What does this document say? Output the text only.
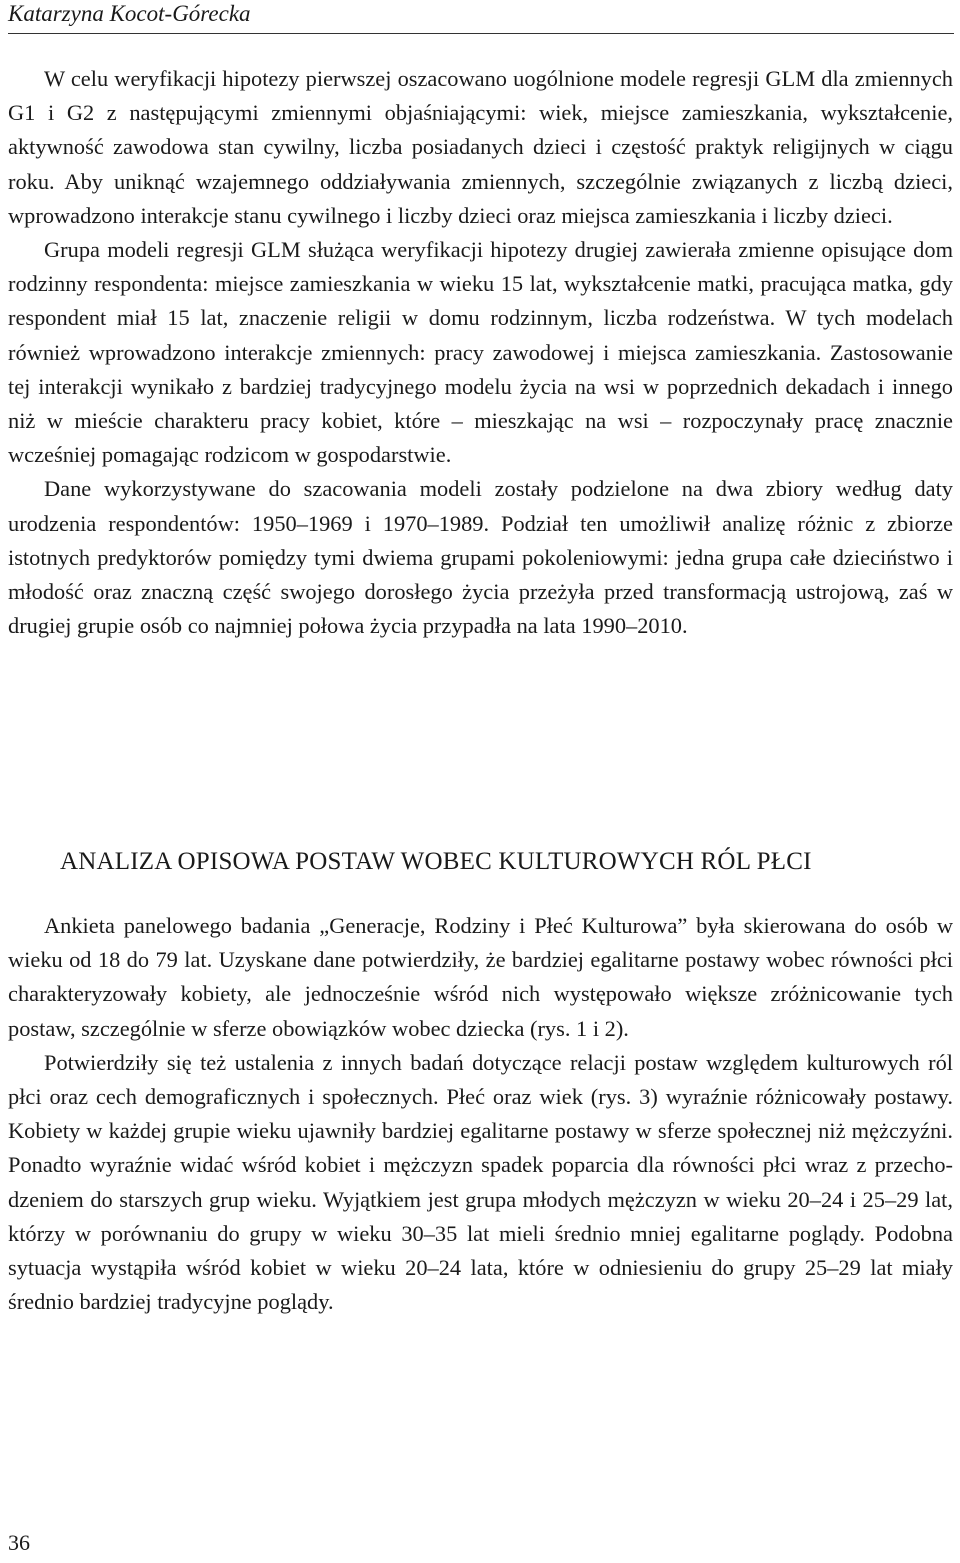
Katarzyna Kocot-Górecka

W celu weryfikacji hipotezy pierwszej oszacowano uogólnione modele regresji GLM dla zmiennych G1 i G2 z następującymi zmiennymi objaśniającymi: wiek, miejsce zamieszkania, wykształcenie, aktywność zawodowa stan cywilny, liczba posiadanych dzieci i częstość praktyk religijnych w ciągu roku. Aby uniknąć wzajemnego oddziaływania zmiennych, szczególnie związanych z liczbą dzieci, wprowadzono interakcje stanu cywilnego i liczby dzieci oraz miejsca zamieszkania i liczby dzieci.

Grupa modeli regresji GLM służąca weryfikacji hipotezy drugiej zawierała zmienne opisujące dom rodzinny respondenta: miejsce zamieszkania w wieku 15 lat, wykształcenie matki, pracująca matka, gdy respondent miał 15 lat, znaczenie religii w domu rodzinnym, liczba rodzeństwa. W tych modelach również wprowadzono interakcje zmiennych: pracy zawodowej i miejsca zamieszkania. Zastosowanie tej interakcji wynikało z bardziej tradycyjnego modelu życia na wsi w poprzednich dekadach i innego niż w mieście charakteru pracy kobiet, które – mieszkając na wsi – rozpoczynały pracę znacznie wcześniej pomagając rodzicom w gospodarstwie.

Dane wykorzystywane do szacowania modeli zostały podzielone na dwa zbiory według daty urodzenia respondentów: 1950–1969 i 1970–1989. Podział ten umożliwił analizę różnic z zbiorze istotnych predyktorów pomiędzy tymi dwiema grupami pokoleniowymi: jedna grupa całe dzieciństwo i młodość oraz znaczną część swojego dorosłego życia przeżyła przed transformacją ustrojową, zaś w drugiej grupie osób co najmniej połowa życia przypadła na lata 1990–2010.

ANALIZA OPISOWA POSTAW WOBEC KULTUROWYCH RÓL PŁCI

Ankieta panelowego badania „Generacje, Rodziny i Płeć Kulturowa” była skierowana do osób w wieku od 18 do 79 lat. Uzyskane dane potwierdziły, że bardziej egalitarne postawy wobec równości płci charakteryzowały kobiety, ale jednocześnie wśród nich występowało większe zróżnicowanie tych postaw, szczególnie w sferze obowiązków wobec dziecka (rys. 1 i 2).

Potwierdziły się też ustalenia z innych badań dotyczące relacji postaw względem kulturowych ról płci oraz cech demograficznych i społecznych. Płeć oraz wiek (rys. 3) wyraźnie różnicowały postawy. Kobiety w każdej grupie wieku ujawniły bardziej egalitarne postawy w sferze społecznej niż mężczyźni. Ponadto wyraźnie widać wśród kobiet i mężczyzn spadek poparcia dla równości płci wraz z przechodzeniem do starszych grup wieku. Wyjątkiem jest grupa młodych mężczyzn w wieku 20–24 i 25–29 lat, którzy w porównaniu do grupy w wieku 30–35 lat mieli średnio mniej egalitarne poglądy. Podobna sytuacja wystąpiła wśród kobiet w wieku 20–24 lata, które w odniesieniu do grupy 25–29 lat miały średnio bardziej tradycyjne poglądy.

36
